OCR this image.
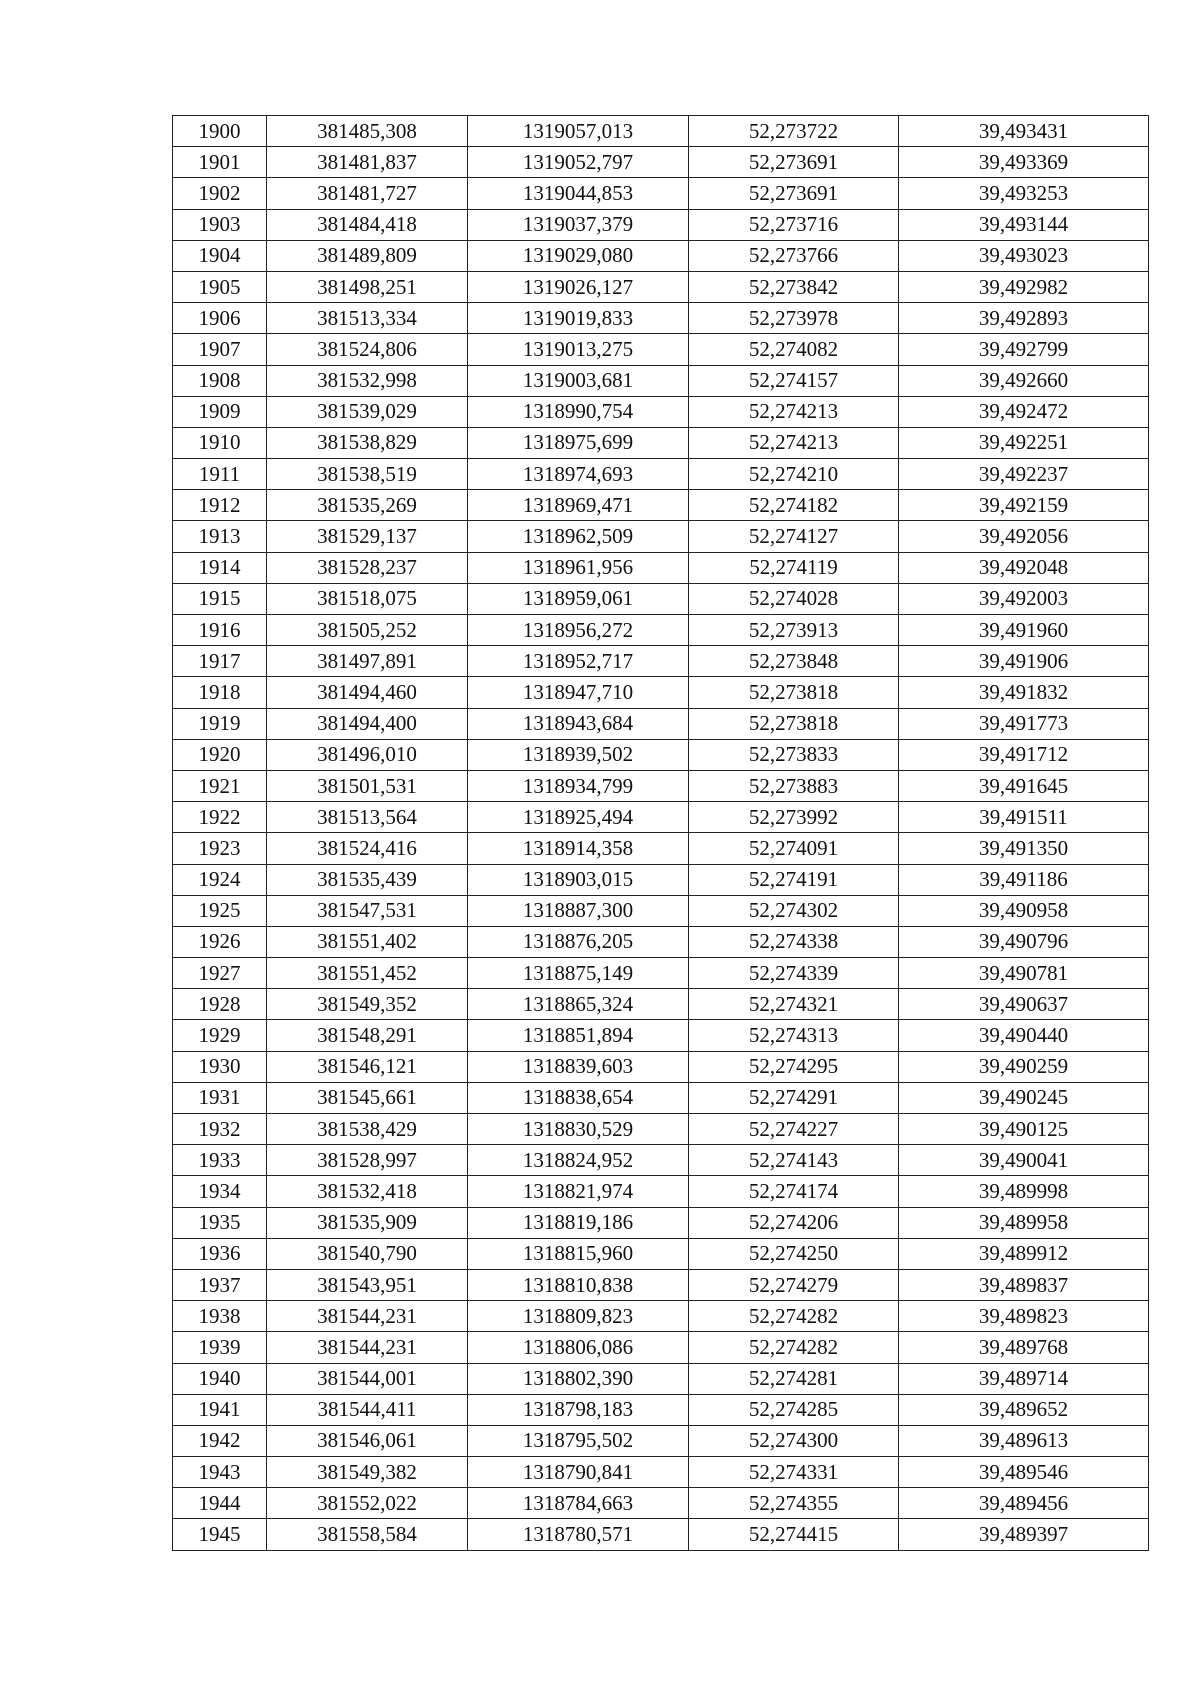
1900	381485,308	1319057,013	52,273722	39,493431
1901	381481,837	1319052,797	52,273691	39,493369
1902	381481,727	1319044,853	52,273691	39,493253
1903	381484,418	1319037,379	52,273716	39,493144
1904	381489,809	1319029,080	52,273766	39,493023
1905	381498,251	1319026,127	52,273842	39,492982
1906	381513,334	1319019,833	52,273978	39,492893
1907	381524,806	1319013,275	52,274082	39,492799
1908	381532,998	1319003,681	52,274157	39,492660
1909	381539,029	1318990,754	52,274213	39,492472
1910	381538,829	1318975,699	52,274213	39,492251
1911	381538,519	1318974,693	52,274210	39,492237
1912	381535,269	1318969,471	52,274182	39,492159
1913	381529,137	1318962,509	52,274127	39,492056
1914	381528,237	1318961,956	52,274119	39,492048
1915	381518,075	1318959,061	52,274028	39,492003
1916	381505,252	1318956,272	52,273913	39,491960
1917	381497,891	1318952,717	52,273848	39,491906
1918	381494,460	1318947,710	52,273818	39,491832
1919	381494,400	1318943,684	52,273818	39,491773
1920	381496,010	1318939,502	52,273833	39,491712
1921	381501,531	1318934,799	52,273883	39,491645
1922	381513,564	1318925,494	52,273992	39,491511
1923	381524,416	1318914,358	52,274091	39,491350
1924	381535,439	1318903,015	52,274191	39,491186
1925	381547,531	1318887,300	52,274302	39,490958
1926	381551,402	1318876,205	52,274338	39,490796
1927	381551,452	1318875,149	52,274339	39,490781
1928	381549,352	1318865,324	52,274321	39,490637
1929	381548,291	1318851,894	52,274313	39,490440
1930	381546,121	1318839,603	52,274295	39,490259
1931	381545,661	1318838,654	52,274291	39,490245
1932	381538,429	1318830,529	52,274227	39,490125
1933	381528,997	1318824,952	52,274143	39,490041
1934	381532,418	1318821,974	52,274174	39,489998
1935	381535,909	1318819,186	52,274206	39,489958
1936	381540,790	1318815,960	52,274250	39,489912
1937	381543,951	1318810,838	52,274279	39,489837
1938	381544,231	1318809,823	52,274282	39,489823
1939	381544,231	1318806,086	52,274282	39,489768
1940	381544,001	1318802,390	52,274281	39,489714
1941	381544,411	1318798,183	52,274285	39,489652
1942	381546,061	1318795,502	52,274300	39,489613
1943	381549,382	1318790,841	52,274331	39,489546
1944	381552,022	1318784,663	52,274355	39,489456
1945	381558,584	1318780,571	52,274415	39,489397
